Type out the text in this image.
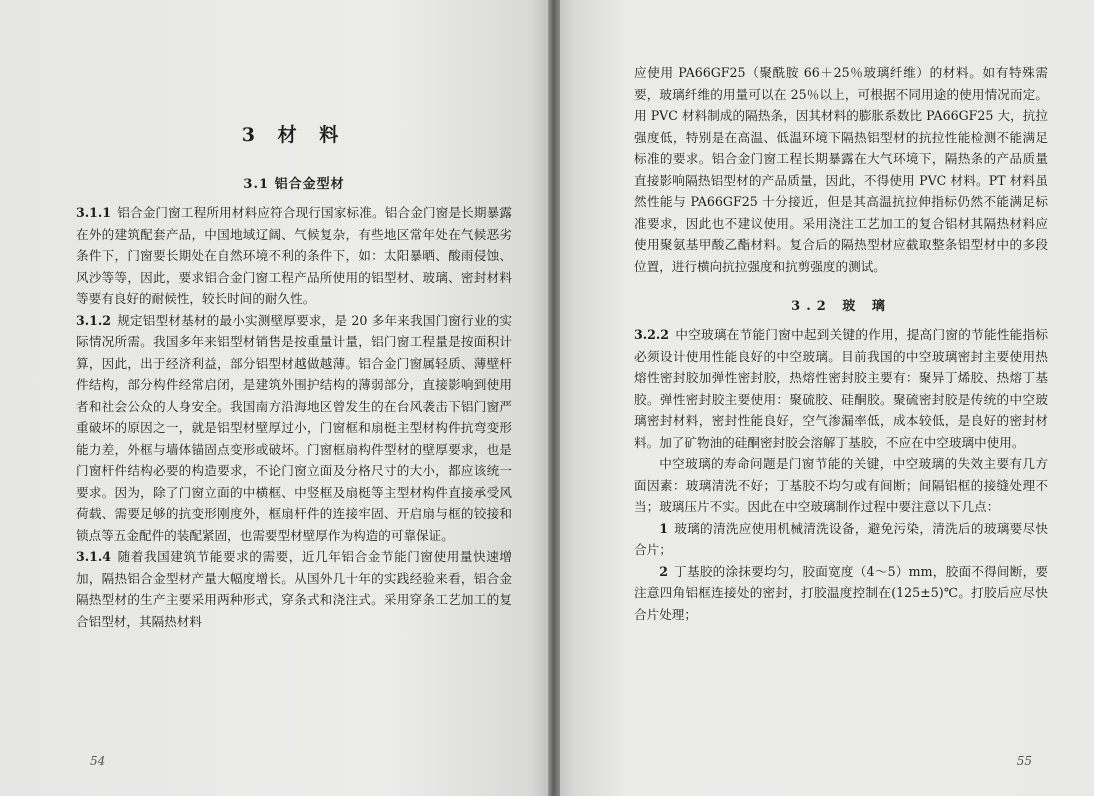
3 材 料
3.1 铝合金型材

3.1.1 铝合金门窗工程所用材料应符合现行国家标准。铝合金门窗是长期暴露在外的建筑配套产品，中国地域辽阔、气候复杂，有些地区常年处在气候恶劣条件下，门窗要长期处在自然环境不利的条件下，如：太阳暴晒、酸雨侵蚀、风沙等等，因此，要求铝合金门窗工程产品所使用的铝型材、玻璃、密封材料等要有良好的耐候性，较长时间的耐久性。

3.1.2 规定铝型材基材的最小实测壁厚要求，是 20 多年来我国门窗行业的实际情况所需。我国多年来铝型材销售是按重量计量，铝门窗工程量是按面积计算，因此，出于经济利益，部分铝型材越做越薄。铝合金门窗属轻质、薄壁杆件结构，部分构件经常启闭，是建筑外围护结构的薄弱部分，直接影响到使用者和社会公众的人身安全。我国南方沿海地区曾发生的在台风袭击下铝门窗严重破坏的原因之一，就是铝型材壁厚过小，门窗框和扇梃主型材构件抗弯变形能力差，外框与墙体锚固点变形或破坏。门窗框扇构件型材的壁厚要求，也是门窗杆件结构必要的构造要求，不论门窗立面及分格尺寸的大小，都应该统一要求。因为，除了门窗立面的中横框、中竖框及扇梃等主型材构件直接承受风荷载、需要足够的抗变形刚度外，框扇杆件的连接牢固、开启扇与框的铰接和锁点等五金配件的装配紧固，也需要型材壁厚作为构造的可靠保证。

3.1.4 随着我国建筑节能要求的需要，近几年铝合金节能门窗使用量快速增加，隔热铝合金型材产量大幅度增长。从国外几十年的实践经验来看，铝合金隔热型材的生产主要采用两种形式，穿条式和浇注式。采用穿条工艺加工的复合铝型材，其隔热材料

54

应使用 PA66GF25（聚酰胺 66＋25％玻璃纤维）的材料。如有特殊需要，玻璃纤维的用量可以在 25％以上，可根据不同用途的使用情况而定。用 PVC 材料制成的隔热条，因其材料的膨胀系数比 PA66GF25 大，抗拉强度低，特别是在高温、低温环境下隔热铝型材的抗拉性能检测不能满足标准的要求。铝合金门窗工程长期暴露在大气环境下，隔热条的产品质量直接影响隔热铝型材的产品质量，因此，不得使用 PVC 材料。PT 材料虽然性能与 PA66GF25 十分接近，但是其高温抗拉伸指标仍然不能满足标准要求，因此也不建议使用。采用浇注工艺加工的复合铝材其隔热材料应使用聚氨基甲酸乙酯材料。复合后的隔热型材应截取整条铝型材中的多段位置，进行横向抗拉强度和抗剪强度的测试。

3.2 玻 璃

3.2.2 中空玻璃在节能门窗中起到关键的作用，提高门窗的节能性能指标必须设计使用性能良好的中空玻璃。目前我国的中空玻璃密封主要使用热熔性密封胶加弹性密封胶，热熔性密封胶主要有：聚异丁烯胶、热熔丁基胶。弹性密封胶主要使用：聚硫胶、硅酮胶。聚硫密封胶是传统的中空玻璃密封材料，密封性能良好，空气渗漏率低，成本较低，是良好的密封材料。加了矿物油的硅酮密封胶会溶解丁基胶，不应在中空玻璃中使用。

中空玻璃的寿命问题是门窗节能的关键，中空玻璃的失效主要有几方面因素：玻璃清洗不好；丁基胶不均匀或有间断；间隔铝框的接缝处理不当；玻璃压片不实。因此在中空玻璃制作过程中要注意以下几点：

1 玻璃的清洗应使用机械清洗设备，避免污染，清洗后的玻璃要尽快合片；

2 丁基胶的涂抹要均匀，胶面宽度（4～5）mm，胶面不得间断，要注意四角铝框连接处的密封，打胶温度控制在(125±5)℃。打胶后应尽快合片处理；

55
